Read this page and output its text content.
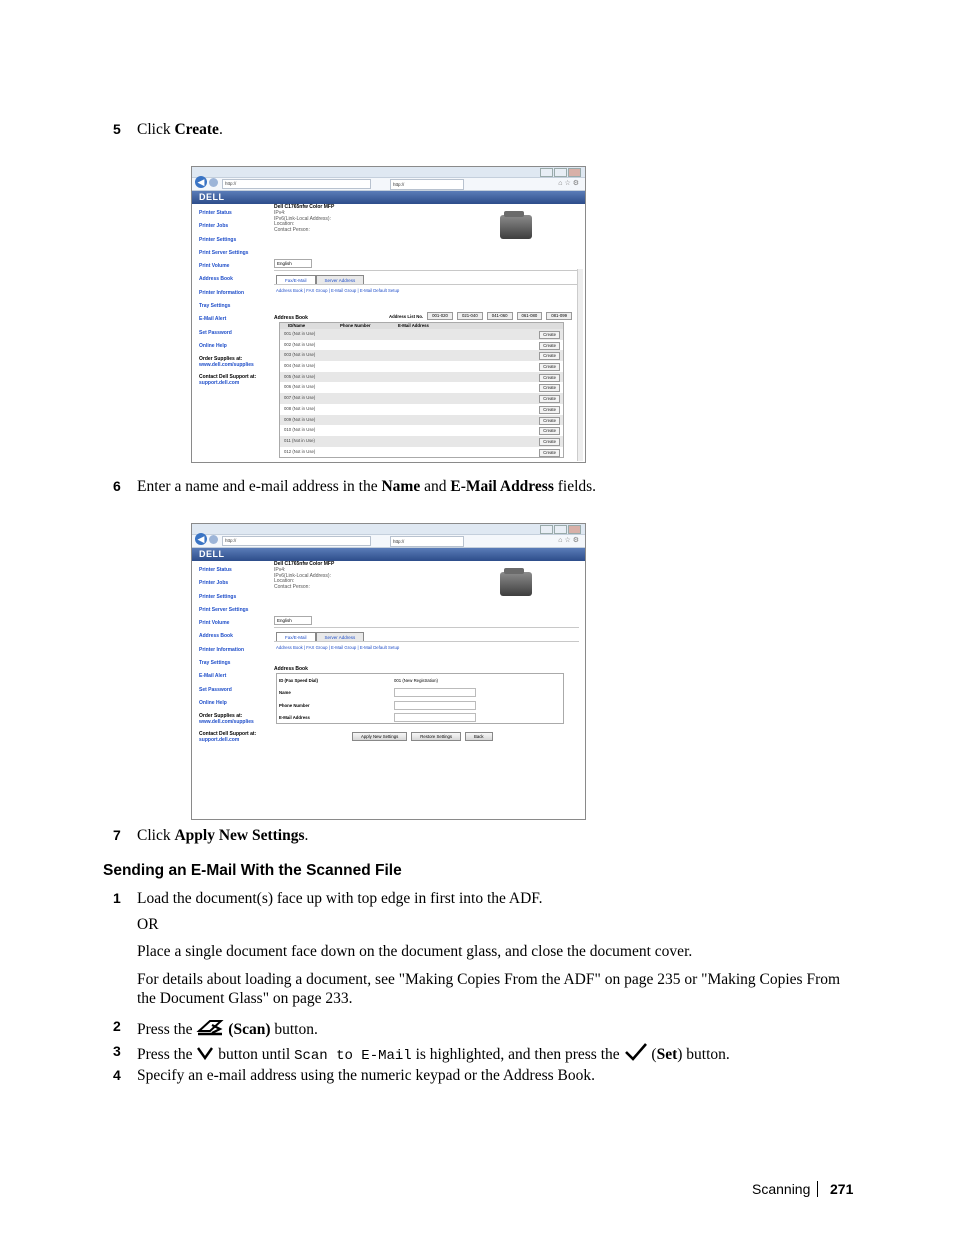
5 Click Create.
◀	http://	http://	⌂☆⚙
DELL
Printer Status
Printer Jobs
Printer Settings
Print Server Settings
Print Volume
Address Book
Printer Information
Tray Settings
E-Mail Alert
Set Password
Online Help
Order Supplies at:
www.dell.com/supplies
Contact Dell Support at:
support.dell.com
Dell C1765nfw Color MFP
IPv4:
IPv6(Link-Local Address):
Location:
Contact Person:
English
Fax/E-Mail	Server Address
Address Book | FAX Group | E-Mail Group | E-Mail Default Setup
Address Book	Address List No.	001-020	021-040	041-060	061-080	081-099
ID/Name	Phone Number	E-Mail Address
001 (Not in Use)	Create
002 (Not in Use)	Create
003 (Not in Use)	Create
004 (Not in Use)	Create
005 (Not in Use)	Create
006 (Not in Use)	Create
007 (Not in Use)	Create
008 (Not in Use)	Create
009 (Not in Use)	Create
010 (Not in Use)	Create
011 (Not in Use)	Create
012 (Not in Use)	Create
6 Enter a name and e-mail address in the Name and E-Mail Address fields.
◀	http://	http://	⌂☆⚙
DELL
Printer Status
Printer Jobs
Printer Settings
Print Server Settings
Print Volume
Address Book
Printer Information
Tray Settings
E-Mail Alert
Set Password
Online Help
Order Supplies at:
www.dell.com/supplies
Contact Dell Support at:
support.dell.com
Dell C1765nfw Color MFP
IPv4:
IPv6(Link-Local Address):
Location:
Contact Person:
English
Fax/E-Mail	Server Address
Address Book | FAX Group | E-Mail Group | E-Mail Default Setup
Address Book
ID (Fax Speed Dial)	001 (New Registration)
Name
Phone Number
E-Mail Address
Apply New Settings	Restore Settings	Back
7 Click Apply New Settings.
Sending an E-Mail With the Scanned File
1 Load the document(s) face up with top edge in first into the ADF.
OR
Place a single document face down on the document glass, and close the document cover.
For details about loading a document, see "Making Copies From the ADF" on page 235 or "Making Copies From the Document Glass" on page 233.
2 Press the (Scan) button.
3 Press the button until Scan to E-Mail is highlighted, and then press the (Set) button.
4 Specify an e-mail address using the numeric keypad or the Address Book.
Scanning 271
